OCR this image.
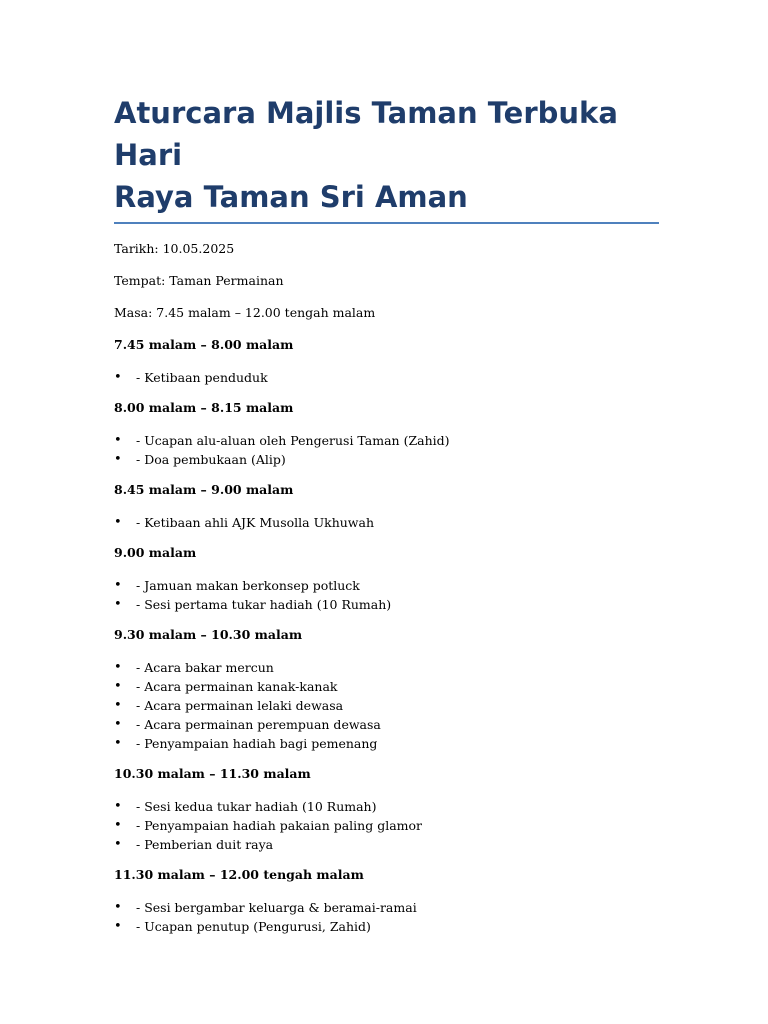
Aturcara Majlis Taman Terbuka Hari
Raya Taman Sri Aman

Tarikh: 10.05.2025

Tempat: Taman Permainan

Masa: 7.45 malam – 12.00 tengah malam

7.45 malam – 8.00 malam

• - Ketibaan penduduk

8.00 malam – 8.15 malam

• - Ucapan alu-aluan oleh Pengerusi Taman (Zahid)
• - Doa pembukaan (Alip)

8.45 malam – 9.00 malam

• - Ketibaan ahli AJK Musolla Ukhuwah

9.00 malam

• - Jamuan makan berkonsep potluck
• - Sesi pertama tukar hadiah (10 Rumah)

9.30 malam – 10.30 malam

• - Acara bakar mercun
• - Acara permainan kanak-kanak
• - Acara permainan lelaki dewasa
• - Acara permainan perempuan dewasa
• - Penyampaian hadiah bagi pemenang

10.30 malam – 11.30 malam

• - Sesi kedua tukar hadiah (10 Rumah)
• - Penyampaian hadiah pakaian paling glamor
• - Pemberian duit raya

11.30 malam – 12.00 tengah malam

• - Sesi bergambar keluarga & beramai-ramai
• - Ucapan penutup (Pengurusi, Zahid)
